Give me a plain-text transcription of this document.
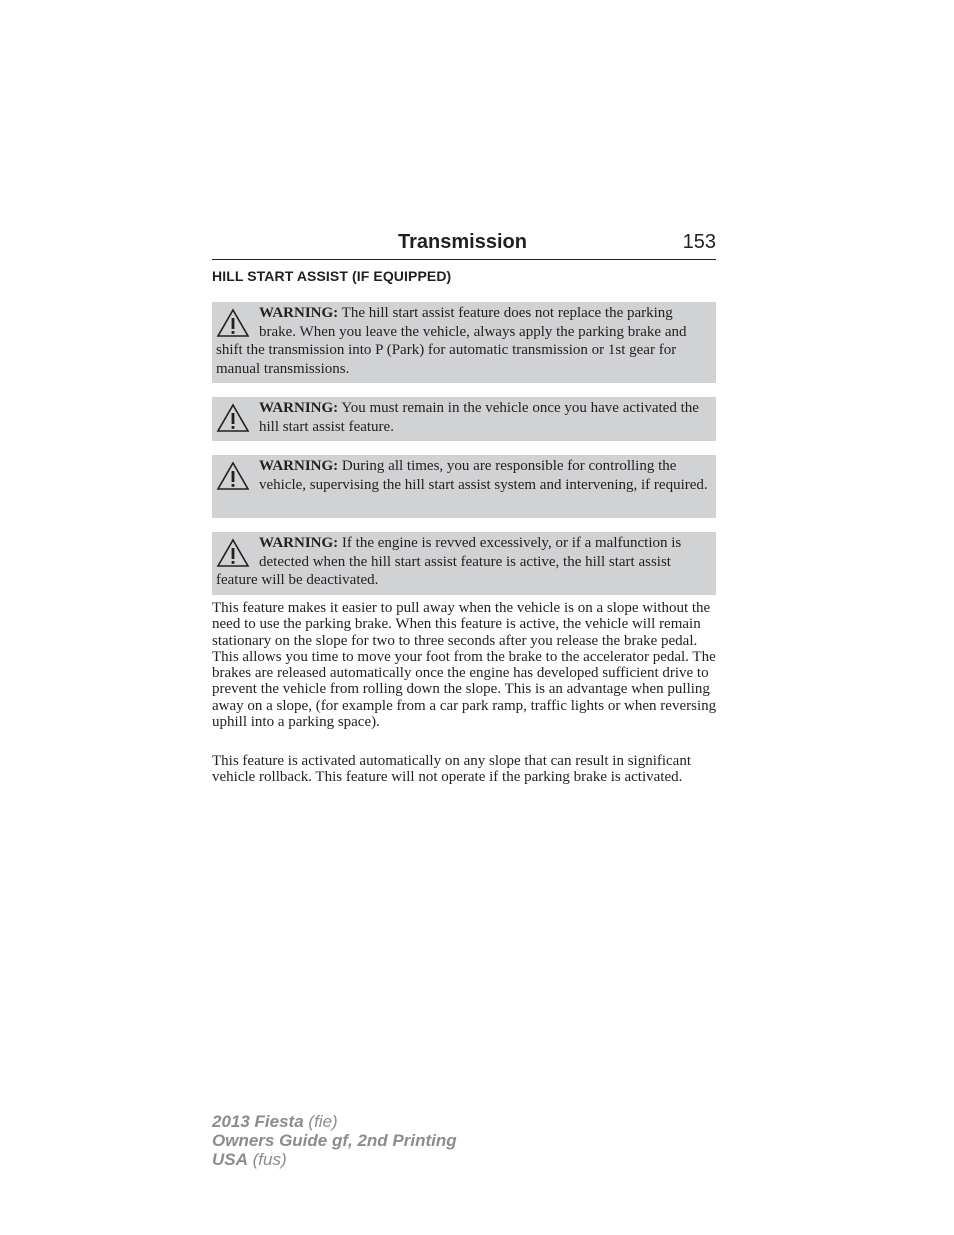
Transmission	153
HILL START ASSIST (IF EQUIPPED)

WARNING: The hill start assist feature does not replace the parking brake. When you leave the vehicle, always apply the parking brake and shift the transmission into P (Park) for automatic transmission or 1st gear for manual transmissions.

WARNING: You must remain in the vehicle once you have activated the hill start assist feature.

WARNING: During all times, you are responsible for controlling the vehicle, supervising the hill start assist system and intervening, if required.

WARNING: If the engine is revved excessively, or if a malfunction is detected when the hill start assist feature is active, the hill start assist feature will be deactivated.

This feature makes it easier to pull away when the vehicle is on a slope without the need to use the parking brake. When this feature is active, the vehicle will remain stationary on the slope for two to three seconds after you release the brake pedal. This allows you time to move your foot from the brake to the accelerator pedal. The brakes are released automatically once the engine has developed sufficient drive to prevent the vehicle from rolling down the slope. This is an advantage when pulling away on a slope, (for example from a car park ramp, traffic lights or when reversing uphill into a parking space).

This feature is activated automatically on any slope that can result in significant vehicle rollback. This feature will not operate if the parking brake is activated.

2013 Fiesta (fie)
Owners Guide gf, 2nd Printing
USA (fus)
